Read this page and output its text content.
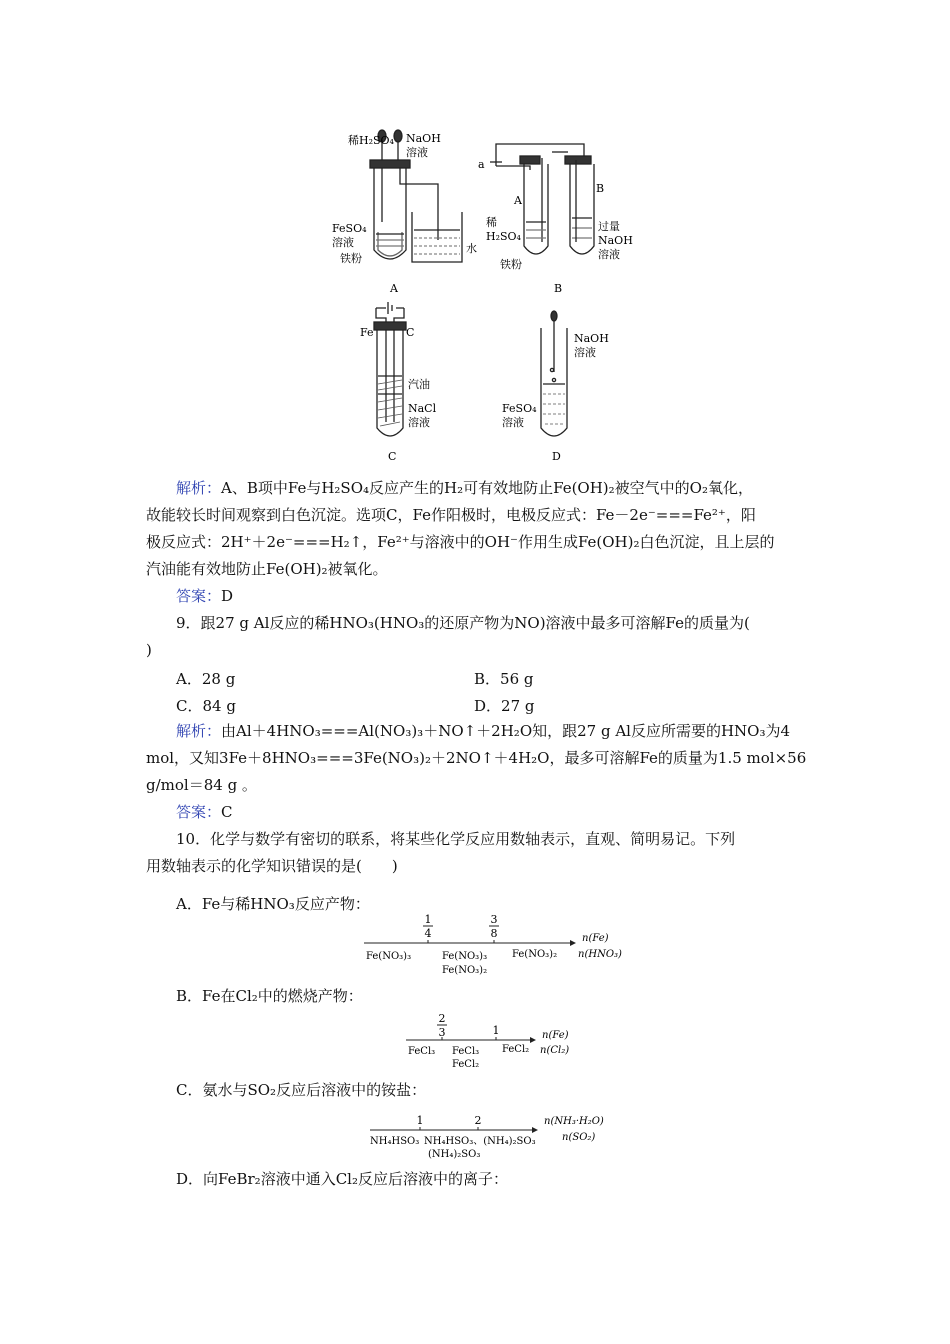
稀H₂SO₄ NaOH
溶液
FeSO₄
溶液
铁粉
水
A
a
A
B
稀
H₂SO₄
铁粉
过量
NaOH
溶液
B
Fe	C
汽油
NaCl
溶液
C
NaOH
溶液
FeSO₄
溶液
D
解析：A、B项中Fe与H₂SO₄反应产生的H₂可有效地防止Fe(OH)₂被空气中的O₂氧化，
故能较长时间观察到白色沉淀。选项C，Fe作阳极时，电极反应式：Fe－2e⁻===Fe²⁺，阳
极反应式：2H⁺＋2e⁻===H₂↑，Fe²⁺与溶液中的OH⁻作用生成Fe(OH)₂白色沉淀，且上层的
汽油能有效地防止Fe(OH)₂被氧化。
答案：D
9．跟27 g Al反应的稀HNO₃(HNO₃的还原产物为NO)溶液中最多可溶解Fe的质量为(
)
A．28 g	B．56 g
C．84 g	D．27 g
解析：由Al＋4HNO₃===Al(NO₃)₃＋NO↑＋2H₂O知，跟27 g Al反应所需要的HNO₃为4
mol，又知3Fe＋8HNO₃===3Fe(NO₃)₂＋2NO↑＋4H₂O，最多可溶解Fe的质量为1.5 mol×56
g/mol＝84 g 。
答案：C
10．化学与数学有密切的联系，将某些化学反应用数轴表示，直观、简明易记。下列
用数轴表示的化学知识错误的是(　　)
A．Fe与稀HNO₃反应产物：
1
4
3
8
Fe(NO₃)₃	Fe(NO₃)₃
Fe(NO₃)₂
Fe(NO₃)₂
n(Fe)
n(HNO₃)
B．Fe在Cl₂中的燃烧产物：
2
3	1
FeCl₃ FeCl₃
FeCl₂
FeCl₂
n(Fe)
n(Cl₂)
C．氨水与SO₂反应后溶液中的铵盐：
1	2
NH₄HSO₃ NH₄HSO₃、(NH₄)₂SO₃
(NH₄)₂SO₃
n(NH₃·H₂O)
n(SO₂)
D．向FeBr₂溶液中通入Cl₂反应后溶液中的离子：
